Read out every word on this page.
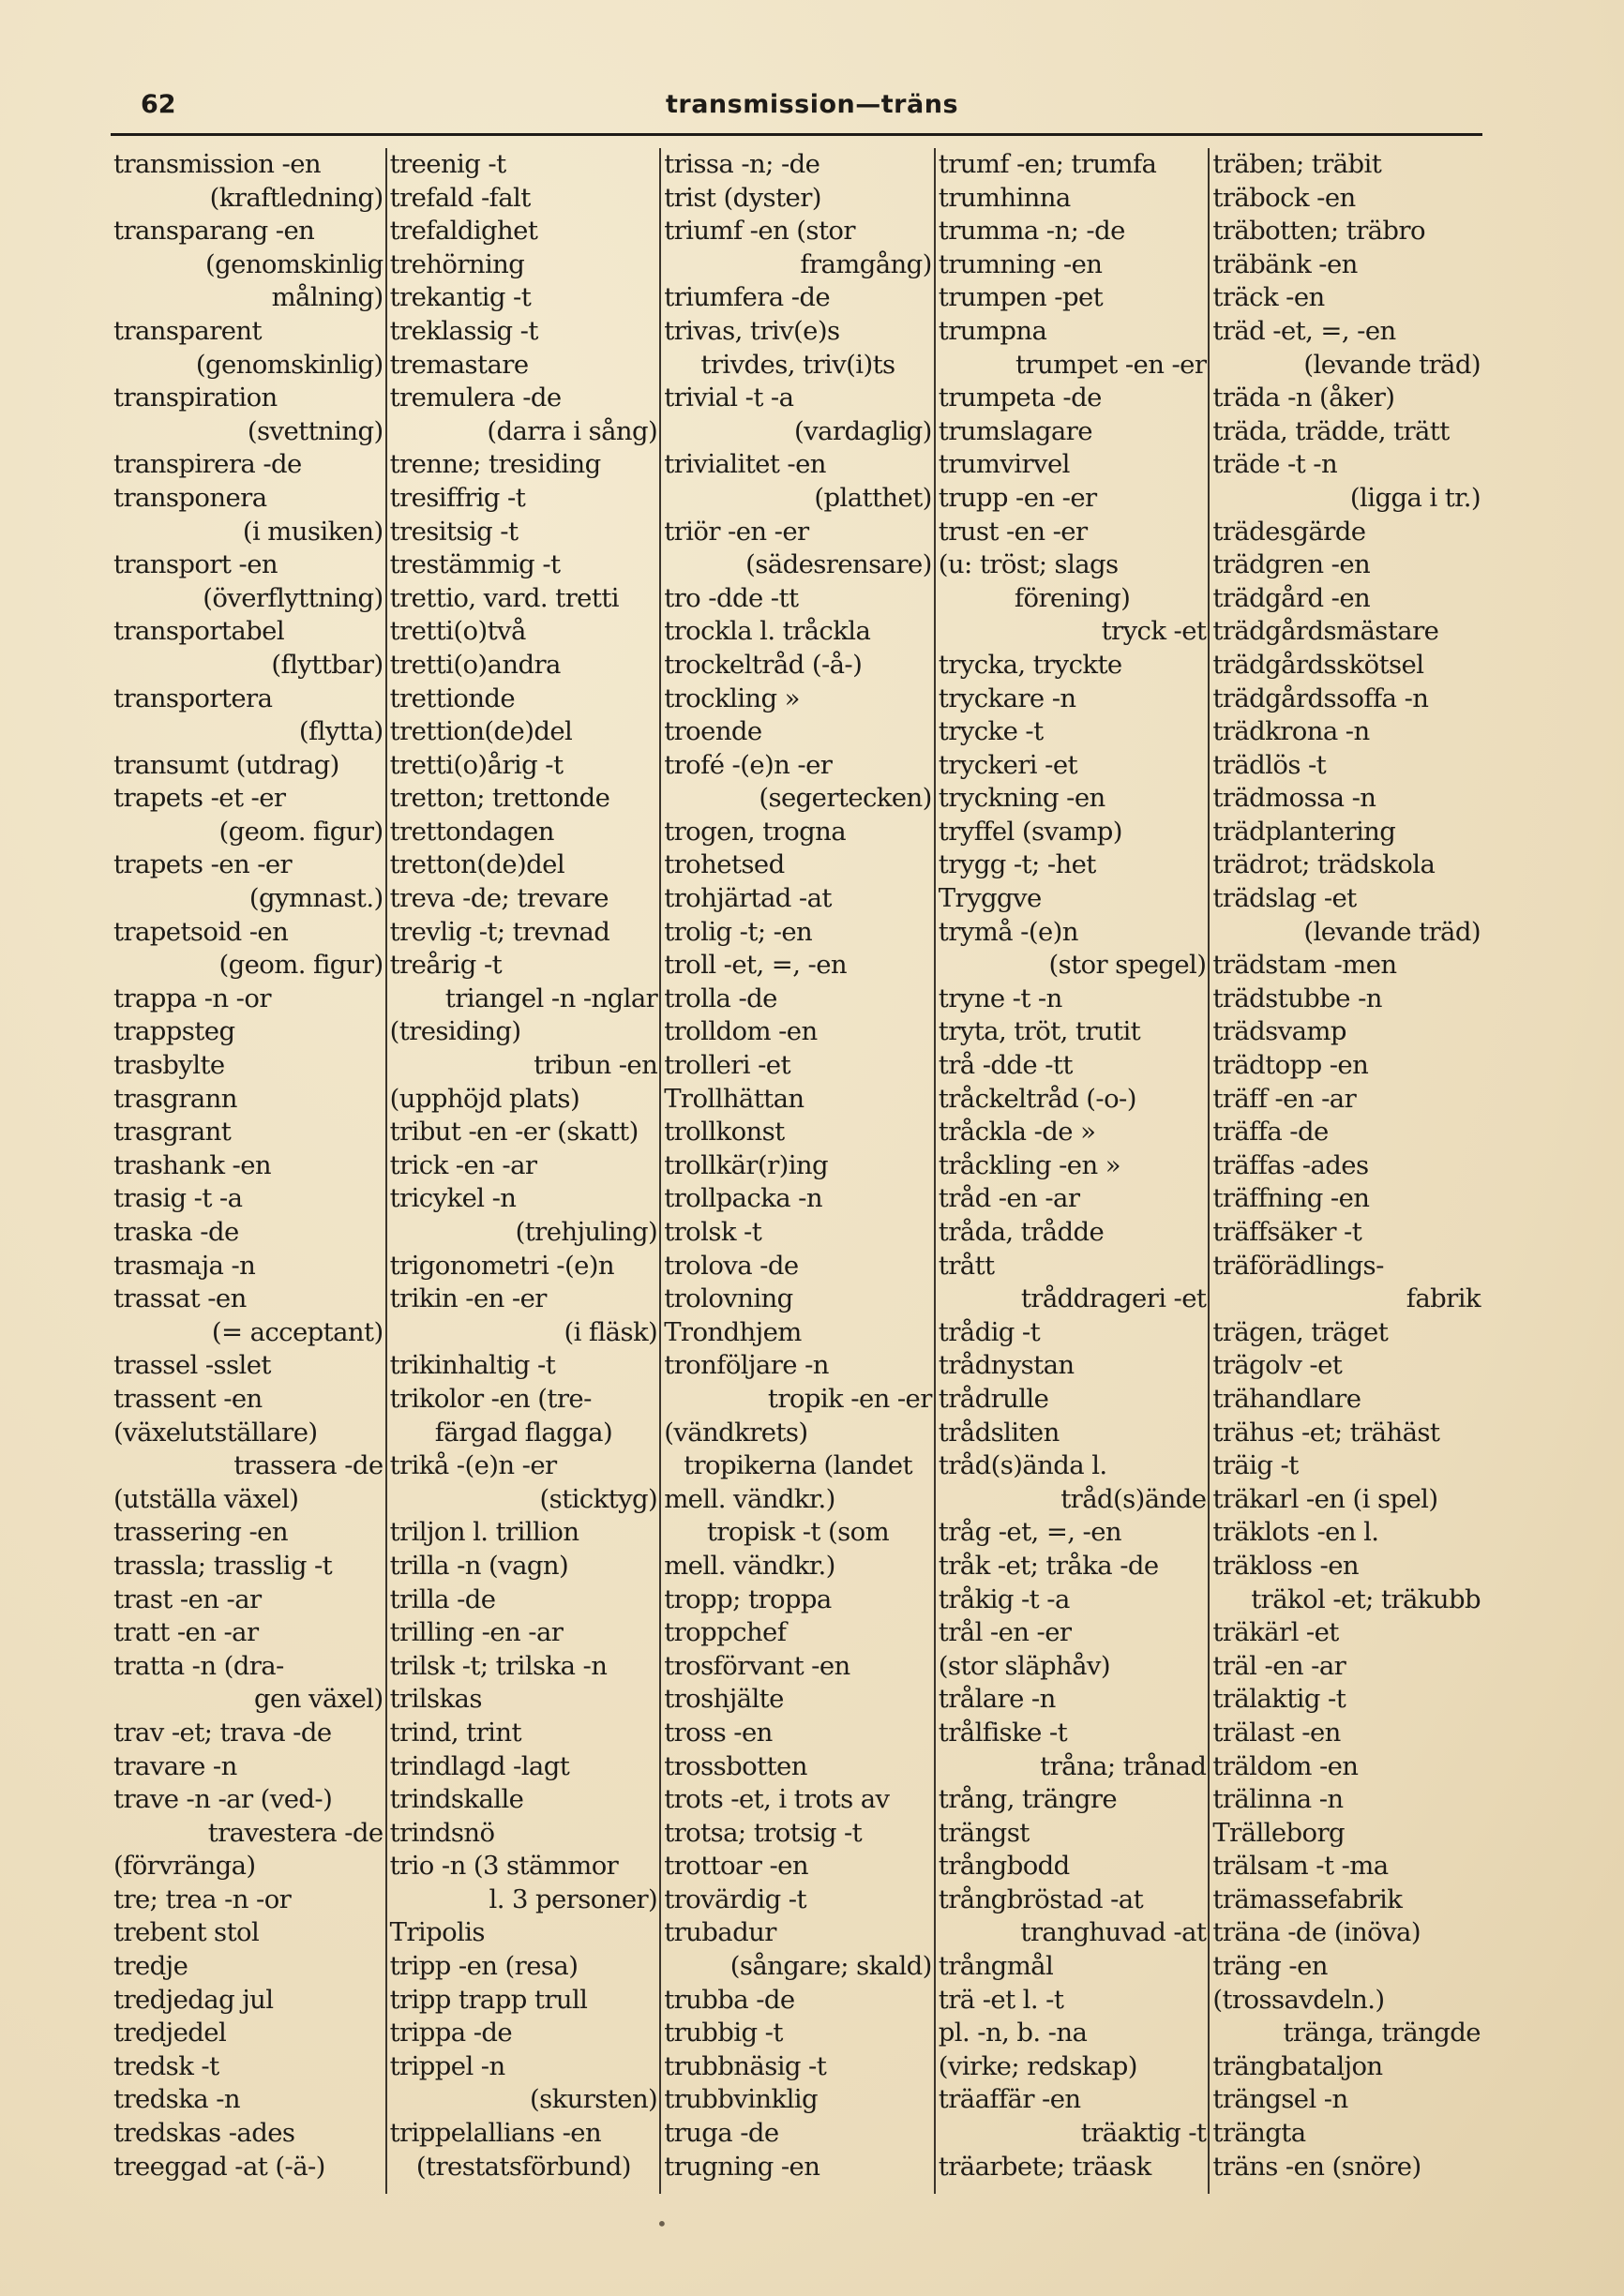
62	transmission—träns
transmission -en
(kraftledning)
transparang -en
(genomskinlig
målning)
transparent
(genomskinlig)
transpiration
(svettning)
transpirera -de
transponera
(i musiken)
transport -en
(överflyttning)
transportabel
(flyttbar)
transportera
(flytta)
transumt (utdrag)
trapets -et -er
(geom. figur)
trapets -en -er
(gymnast.)
trapetsoid -en
(geom. figur)
trappa -n -or
trappsteg
trasbylte
trasgrann
trasgrant
trashank -en
trasig -t -a
traska -de
trasmaja -n
trassat -en
(= acceptant)
trassel -sslet
trassent -en
(växelutställare)
trassera -de
(utställa växel)
trassering -en
trassla; trasslig -t
trast -en -ar
tratt -en -ar
tratta -n (dra-
gen växel)
trav -et; trava -de
travare -n
trave -n -ar (ved-)
travestera -de
(förvränga)
tre; trea -n -or
trebent stol
tredje
tredjedag jul
tredjedel
tredsk -t
tredska -n
tredskas -ades
treeggad -at (-ä-)
treenig -t
trefald -falt
trefaldighet
trehörning
trekantig -t
treklassig -t
tremastare
tremulera -de
(darra i sång)
trenne; tresiding
tresiffrig -t
tresitsig -t
trestämmig -t
trettio, vard. tretti
tretti(o)två
tretti(o)andra
trettionde
trettion(de)del
tretti(o)årig -t
tretton; trettonde
trettondagen
tretton(de)del
treva -de; trevare
trevlig -t; trevnad
treårig -t
triangel -n -nglar
(tresiding)
tribun -en
(upphöjd plats)
tribut -en -er (skatt)
trick -en -ar
tricykel -n
(trehjuling)
trigonometri -(e)n
trikin -en -er
(i fläsk)
trikinhaltig -t
trikolor -en (tre-
färgad flagga)
trikå -(e)n -er
(sticktyg)
triljon l. trillion
trilla -n (vagn)
trilla -de
trilling -en -ar
trilsk -t; trilska -n
trilskas
trind, trint
trindlagd -lagt
trindskalle
trindsnö
trio -n (3 stämmor
l. 3 personer)
Tripolis
tripp -en (resa)
tripp trapp trull
trippa -de
trippel -n
(skursten)
trippelallians -en
(trestatsförbund)
trissa -n; -de
trist (dyster)
triumf -en (stor
framgång)
triumfera -de
trivas, triv(e)s
trivdes, triv(i)ts
trivial -t -a
(vardaglig)
trivialitet -en
(platthet)
triör -en -er
(sädesrensare)
tro -dde -tt
trockla l. tråckla
trockeltråd (-å-)
trockling »
troende
trofé -(e)n -er
(segertecken)
trogen, trogna
trohetsed
trohjärtad -at
trolig -t; -en
troll -et, =, -en
trolla -de
trolldom -en
trolleri -et
Trollhättan
trollkonst
trollkär(r)ing
trollpacka -n
trolsk -t
trolova -de
trolovning
Trondhjem
tronföljare -n
tropik -en -er
(vändkrets)
tropikerna (landet
mell. vändkr.)
tropisk -t (som
mell. vändkr.)
tropp; troppa
troppchef
trosförvant -en
troshjälte
tross -en
trossbotten
trots -et, i trots av
trotsa; trotsig -t
trottoar -en
trovärdig -t
trubadur
(sångare; skald)
trubba -de
trubbig -t
trubbnäsig -t
trubbvinklig
truga -de
trugning -en
trumf -en; trumfa
trumhinna
trumma -n; -de
trumning -en
trumpen -pet
trumpna
trumpet -en -er
trumpeta -de
trumslagare
trumvirvel
trupp -en -er
trust -en -er
(u: tröst; slags
förening)
tryck -et
trycka, tryckte
tryckare -n
trycke -t
tryckeri -et
tryckning -en
tryffel (svamp)
trygg -t; -het
Tryggve
trymå -(e)n
(stor spegel)
tryne -t -n
tryta, tröt, trutit
trå -dde -tt
tråckeltråd (-o-)
tråckla -de »
tråckling -en »
tråd -en -ar
tråda, trådde
trått
tråddrageri -et
trådig -t
trådnystan
trådrulle
trådsliten
tråd(s)ända l.
tråd(s)ände
tråg -et, =, -en
tråk -et; tråka -de
tråkig -t -a
trål -en -er
(stor släphåv)
trålare -n
trålfiske -t
tråna; trånad
trång, trängre
trängst
trångbodd
trångbröstad -at
tranghuvad -at
trångmål
trä -et l. -t
pl. -n, b. -na
(virke; redskap)
träaffär -en
träaktig -t
träarbete; träask
träben; träbit
träbock -en
träbotten; träbro
träbänk -en
träck -en
träd -et, =, -en
(levande träd)
träda -n (åker)
träda, trädde, trätt
träde -t -n
(ligga i tr.)
trädesgärde
trädgren -en
trädgård -en
trädgårdsmästare
trädgårdsskötsel
trädgårdssoffa -n
trädkrona -n
trädlös -t
trädmossa -n
trädplantering
trädrot; trädskola
trädslag -et
(levande träd)
trädstam -men
trädstubbe -n
trädsvamp
trädtopp -en
träff -en -ar
träffa -de
träffas -ades
träffning -en
träffsäker -t
träförädlings-
fabrik
trägen, träget
trägolv -et
trähandlare
trähus -et; trähäst
träig -t
träkarl -en (i spel)
träklots -en l.
träkloss -en
träkol -et; träkubb
träkärl -et
träl -en -ar
trälaktig -t
trälast -en
träldom -en
trälinna -n
Trälleborg
trälsam -t -ma
trämassefabrik
träna -de (inöva)
träng -en
(trossavdeln.)
tränga, trängde
trängbataljon
trängsel -n
trängta
träns -en (snöre)
•
